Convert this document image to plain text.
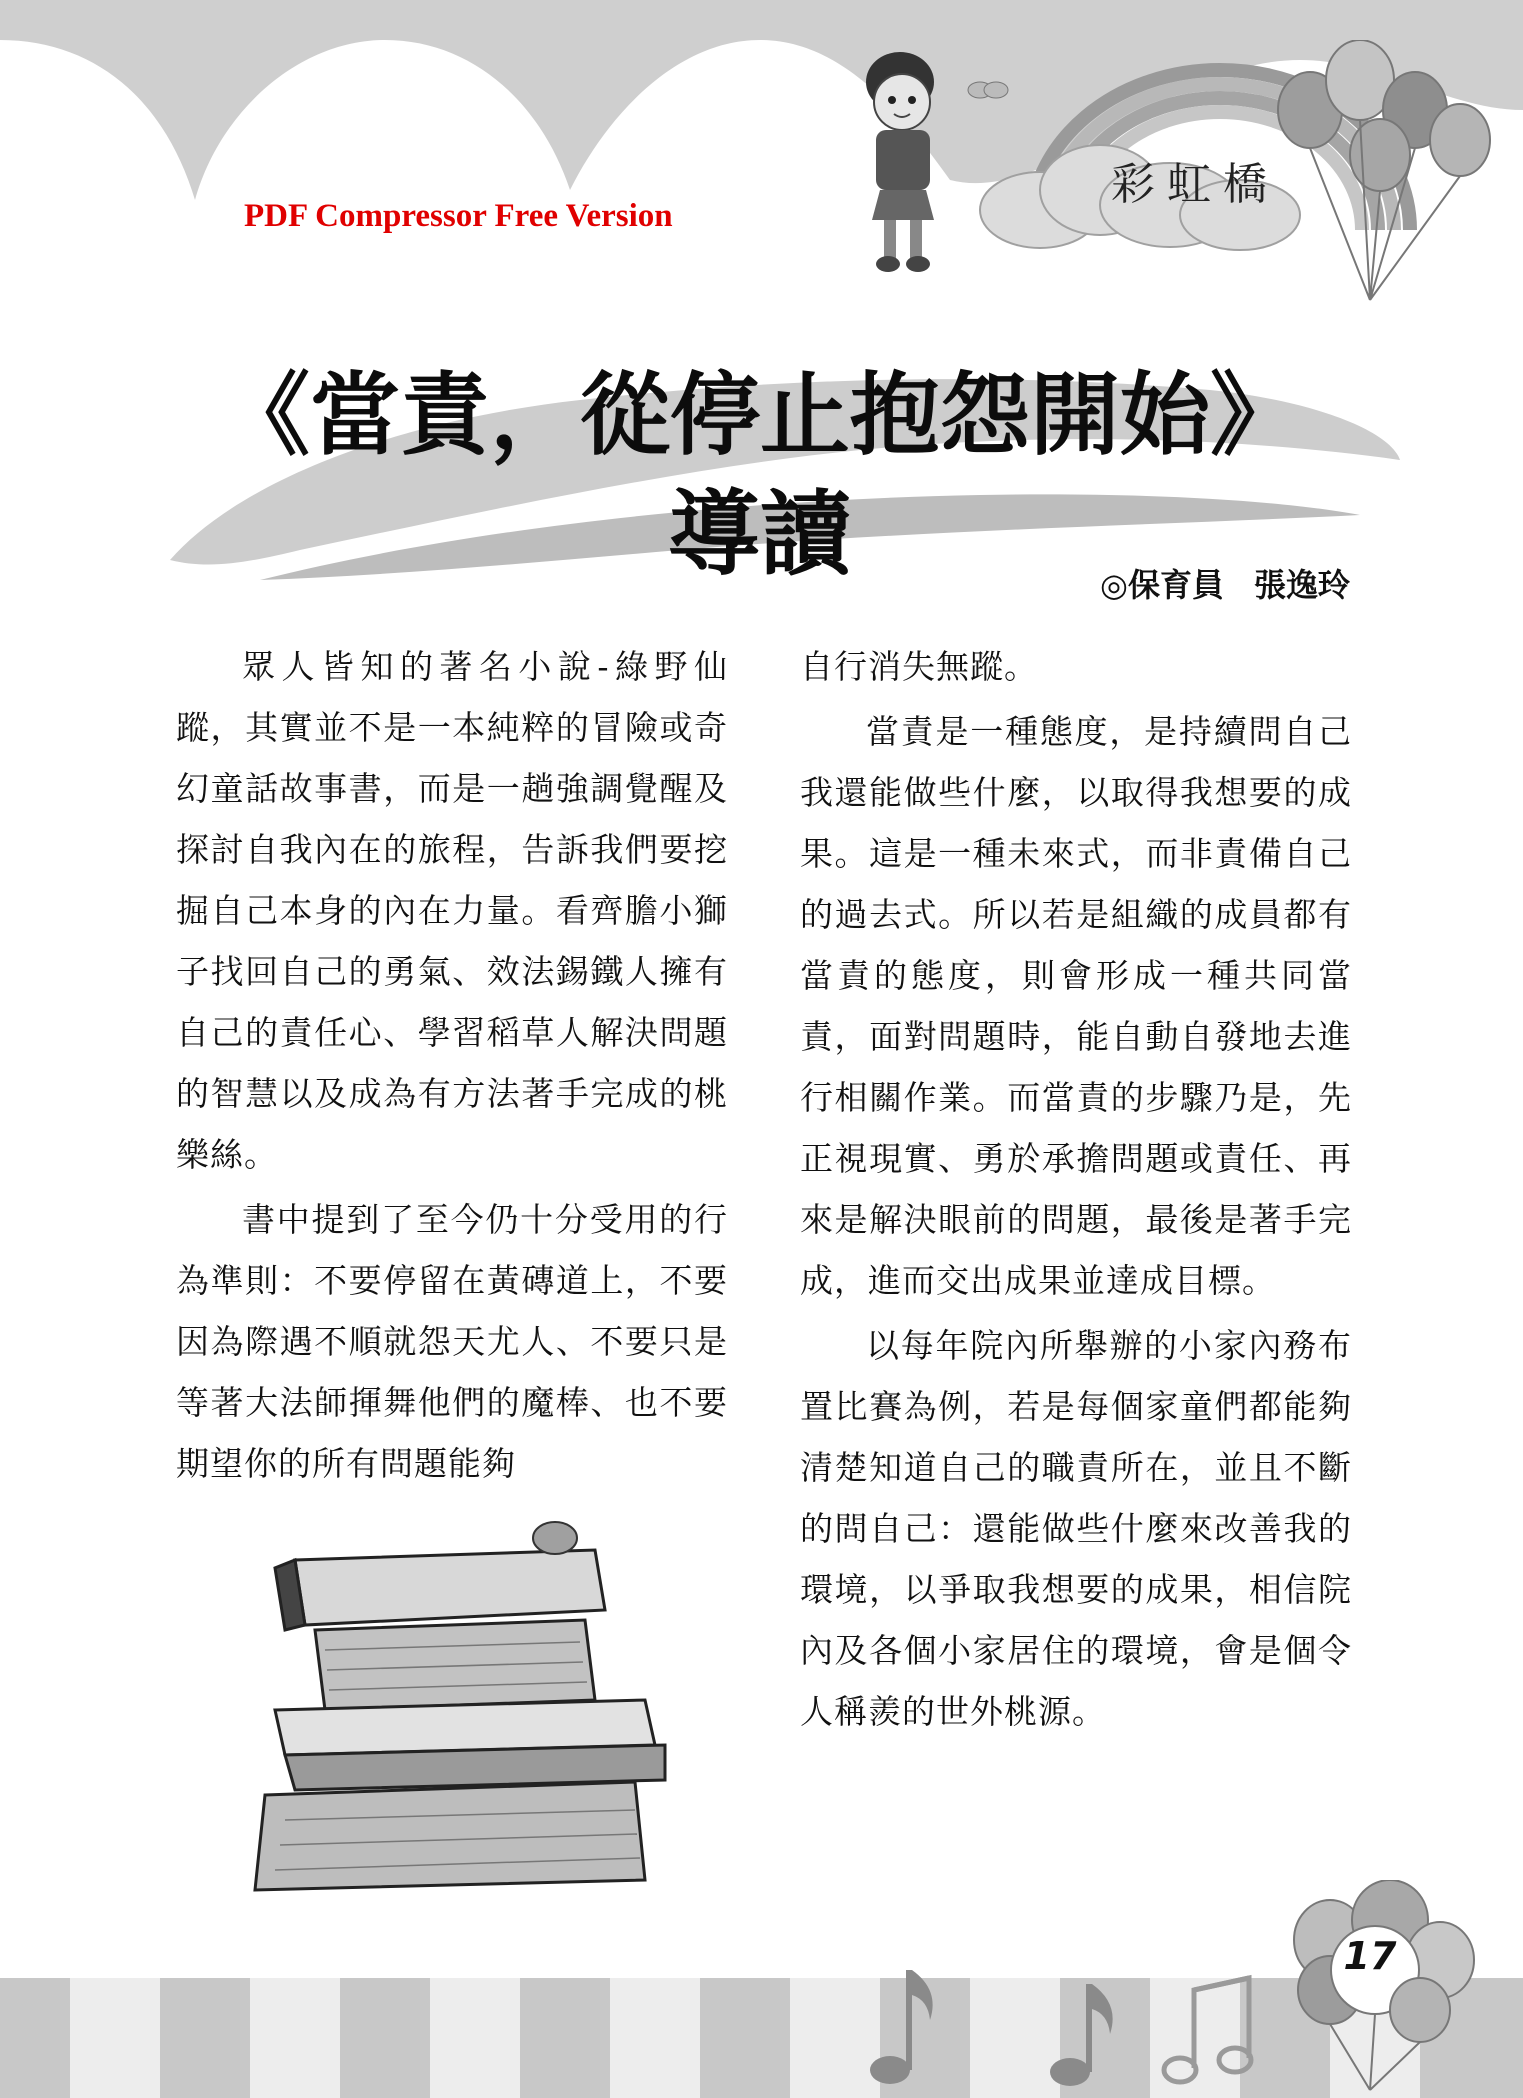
PDF Compressor Free Version
彩虹橋
《當責，從停止抱怨開始》
導讀	◎保育員 張逸玲

眾人皆知的著名小說-綠野仙蹤，其實並不是一本純粹的冒險或奇幻童話故事書，而是一趟強調覺醒及探討自我內在的旅程，告訴我們要挖掘自己本身的內在力量。看齊膽小獅子找回自己的勇氣、效法錫鐵人擁有自己的責任心、學習稻草人解決問題的智慧以及成為有方法著手完成的桃樂絲。

書中提到了至今仍十分受用的行為準則：不要停留在黃磚道上，不要因為際遇不順就怨天尤人、不要只是等著大法師揮舞他們的魔棒、也不要期望你的所有問題能夠

自行消失無蹤。

當責是一種態度，是持續問自己我還能做些什麼，以取得我想要的成果。這是一種未來式，而非責備自己的過去式。所以若是組織的成員都有當責的態度，則會形成一種共同當責，面對問題時，能自動自發地去進行相關作業。而當責的步驟乃是，先正視現實、勇於承擔問題或責任、再來是解決眼前的問題，最後是著手完成，進而交出成果並達成目標。

以每年院內所舉辦的小家內務布置比賽為例，若是每個家童們都能夠清楚知道自己的職責所在，並且不斷的問自己：還能做些什麼來改善我的環境，以爭取我想要的成果，相信院內及各個小家居住的環境，會是個令人稱羨的世外桃源。

17
